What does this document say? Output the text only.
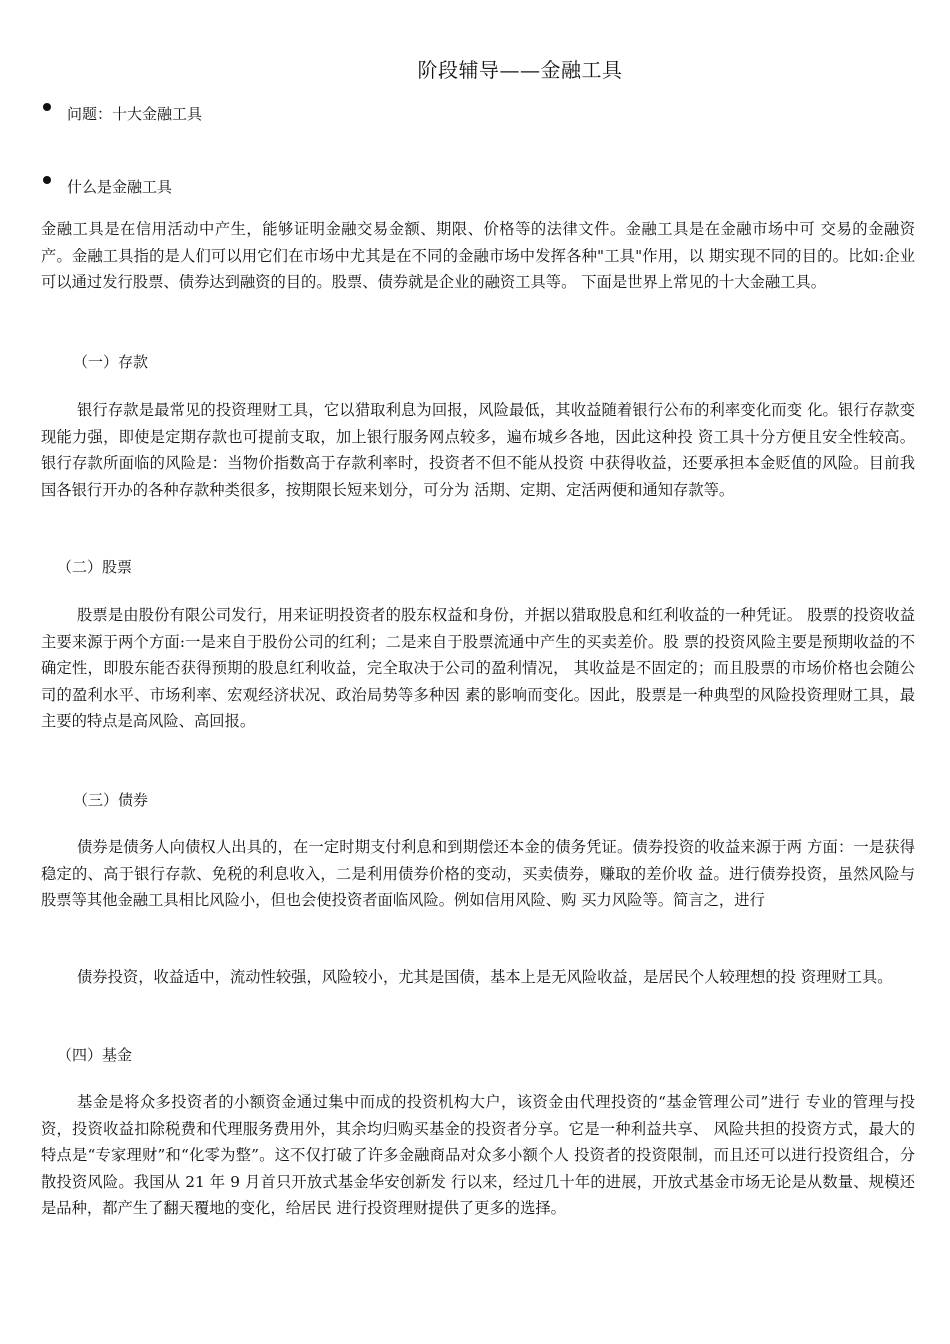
阶段辅导——金融工具
问题：十大金融工具
什么是金融工具

金融工具是在信用活动中产生，能够证明金融交易金额、期限、价格等的法律文件。金融工具是在金融市场中可 交易的金融资产。金融工具指的是人们可以用它们在市场中尤其是在不同的金融市场中发挥各种"工具"作用，以 期实现不同的目的。比如:企业可以通过发行股票、债券达到融资的目的。股票、债券就是企业的融资工具等。 下面是世界上常见的十大金融工具。

（一）存款

银行存款是最常见的投资理财工具，它以猎取利息为回报，风险最低，其收益随着银行公布的利率变化而变 化。银行存款变现能力强，即使是定期存款也可提前支取，加上银行服务网点较多，遍布城乡各地，因此这种投 资工具十分方便且安全性较高。银行存款所面临的风险是：当物价指数高于存款利率时，投资者不但不能从投资 中获得收益，还要承担本金贬值的风险。目前我国各银行开办的各种存款种类很多，按期限长短来划分，可分为 活期、定期、定活两便和通知存款等。

（二）股票

股票是由股份有限公司发行，用来证明投资者的股东权益和身份，并据以猎取股息和红利收益的一种凭证。 股票的投资收益主要来源于两个方面:一是来自于股份公司的红利；二是来自于股票流通中产生的买卖差价。股 票的投资风险主要是预期收益的不确定性，即股东能否获得预期的股息红利收益，完全取决于公司的盈利情况， 其收益是不固定的；而且股票的市场价格也会随公司的盈利水平、市场利率、宏观经济状况、政治局势等多种因 素的影响而变化。因此，股票是一种典型的风险投资理财工具，最主要的特点是高风险、高回报。

（三）债券

债券是债务人向债权人出具的，在一定时期支付利息和到期偿还本金的债务凭证。债券投资的收益来源于两 方面：一是获得稳定的、高于银行存款、免税的利息收入，二是利用债券价格的变动，买卖债券，赚取的差价收 益。进行债券投资，虽然风险与股票等其他金融工具相比风险小，但也会使投资者面临风险。例如信用风险、购 买力风险等。简言之，进行

债券投资，收益适中，流动性较强，风险较小，尤其是国债，基本上是无风险收益，是居民个人较理想的投 资理财工具。

（四）基金

基金是将众多投资者的小额资金通过集中而成的投资机构大户，该资金由代理投资的“基金管理公司”进行 专业的管理与投资，投资收益扣除税费和代理服务费用外，其余均归购买基金的投资者分享。它是一种利益共享、 风险共担的投资方式，最大的特点是“专家理财”和“化零为整”。这不仅打破了许多金融商品对众多小额个人 投资者的投资限制，而且还可以进行投资组合，分散投资风险。我国从 21 年 9 月首只开放式基金华安创新发 行以来，经过几十年的进展，开放式基金市场无论是从数量、规模还是品种，都产生了翻天覆地的变化，给居民 进行投资理财提供了更多的选择。
